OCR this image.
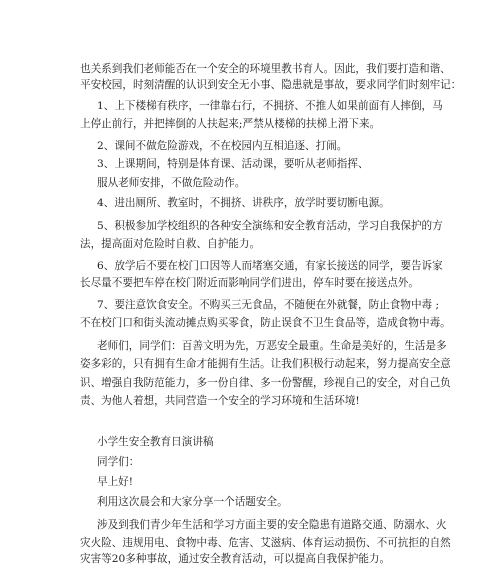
也关系到我们老师能否在一个安全的环境里教书育人。因此，我们要打造和谐、

平安校园，时刻清醒的认识到安全无小事、隐患就是事故，要求同学们时刻牢记：

1、上下楼梯有秩序，一律靠右行，不拥挤、不推人如果前面有人摔倒，马

上停止前行，并把摔倒的人扶起来;严禁从楼梯的扶梯上滑下来。

2、课间不做危险游戏，不在校园内互相追逐、打闹。

3、上课期间，特别是体育课、活动课，要听从老师指挥、

服从老师安排，不做危险动作。

4、进出厕所、教室时，不拥挤、讲秩序，放学时要切断电源。

5、积极参加学校组织的各种安全演练和安全教育活动，学习自我保护的方

法，提高面对危险时自救、自护能力。

6、放学后不要在校门口因等人而堵塞交通，有家长接送的同学，要告诉家

长尽量不要把车停在校门附近而影响同学们进出，停车时要在接送点外。

7、要注意饮食安全。不购买三无食品，不随便在外就餐，防止食物中毒 ;

不在校门口和街头流动摊点购买零食，防止误食不卫生食品等，造成食物中毒。

老师们，同学们：百善文明为先，万恶安全最重。生命是美好的，生活是多

姿多彩的，只有拥有生命才能拥有生活。让我们积极行动起来，努力提高安全意

识、增强自我防范能力，多一份自律、多一份警醒，珍视自己的安全，对自己负

责、为他人着想，共同营造一个安全的学习环境和生活环境!

小学生安全教育日演讲稿

同学们：

早上好!

利用这次晨会和大家分享一个话题安全。

涉及到我们青少年生活和学习方面主要的安全隐患有道路交通、防溺水、火

灾火险、违规用电、食物中毒、危害、艾滋病、体育运动损伤、不可抗拒的自然

灾害等20多种事故，通过安全教育活动，可以提高自我保护能力。
